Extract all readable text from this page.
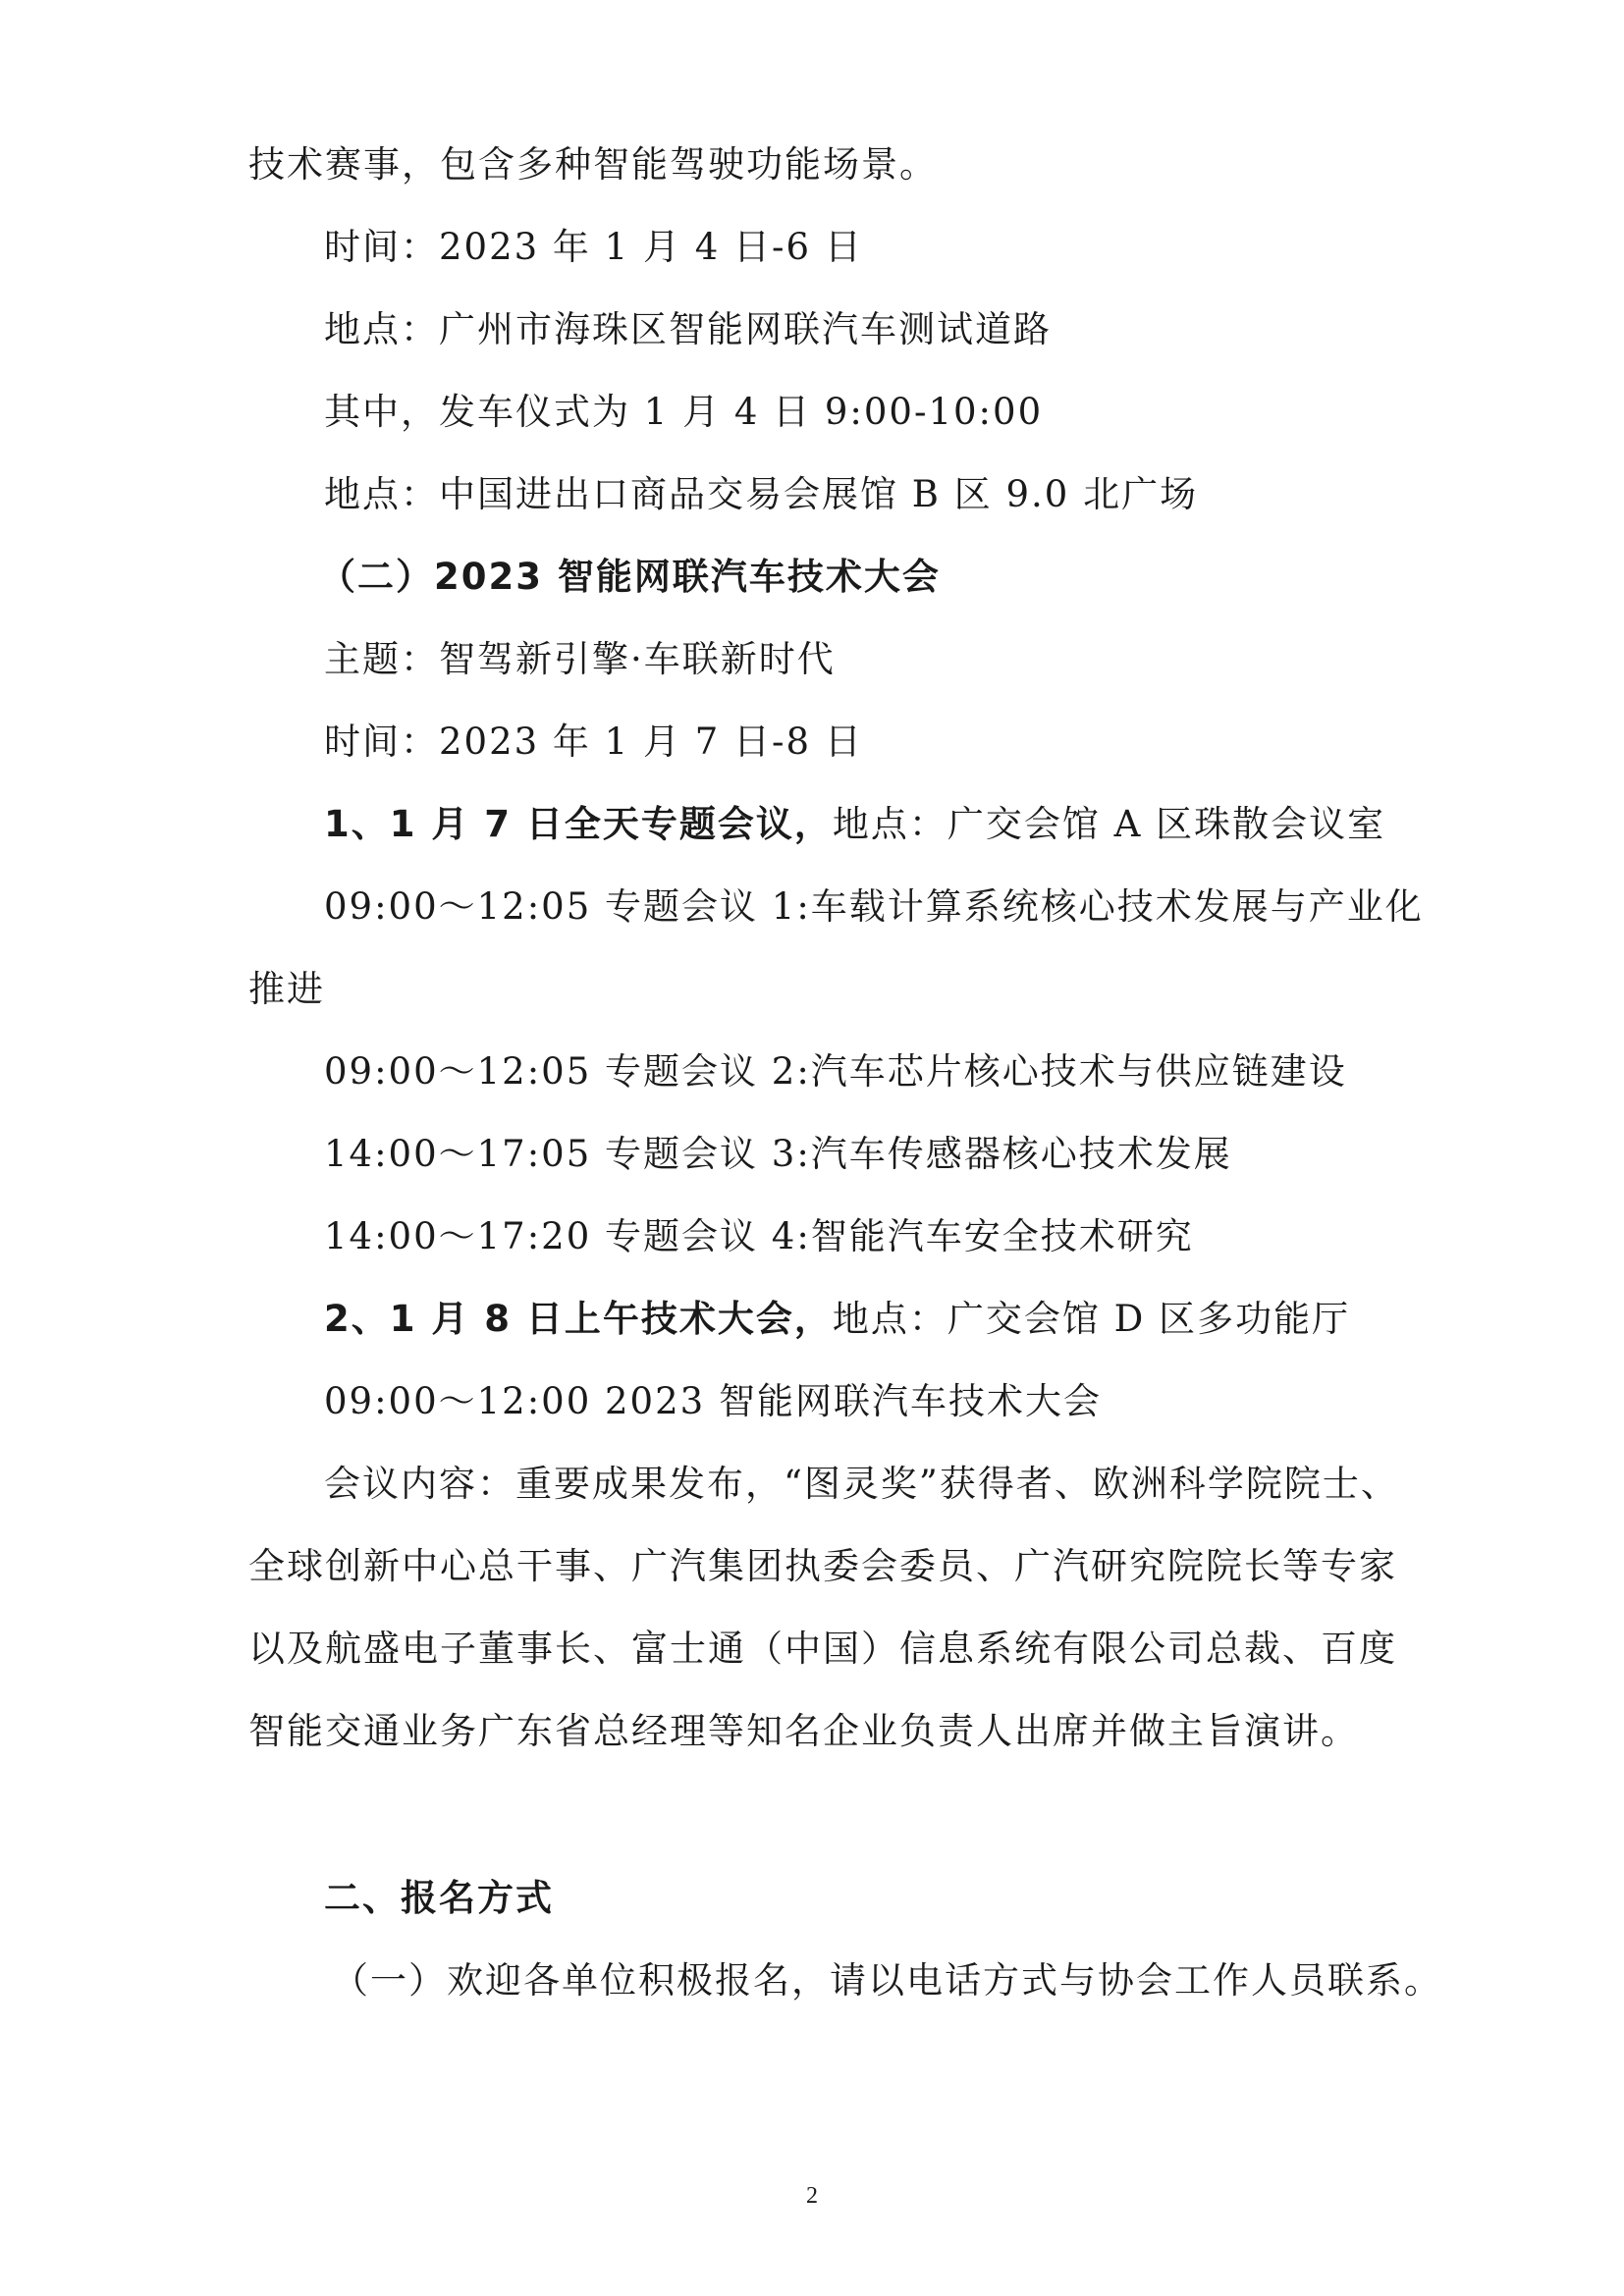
技术赛事，包含多种智能驾驶功能场景。
时间：2023 年 1 月 4 日-6 日
地点：广州市海珠区智能网联汽车测试道路
其中，发车仪式为 1 月 4 日 9:00-10:00
地点：中国进出口商品交易会展馆 B 区 9.0 北广场
（二）2023 智能网联汽车技术大会
主题：智驾新引擎·车联新时代
时间：2023 年 1 月 7 日-8 日
1、1 月 7 日全天专题会议，地点：广交会馆 A 区珠散会议室
09:00～12:05 专题会议 1:车载计算系统核心技术发展与产业化
推进
09:00～12:05 专题会议 2:汽车芯片核心技术与供应链建设
14:00～17:05 专题会议 3:汽车传感器核心技术发展
14:00～17:20 专题会议 4:智能汽车安全技术研究
2、1 月 8 日上午技术大会，地点：广交会馆 D 区多功能厅
09:00～12:00 2023 智能网联汽车技术大会
会议内容：重要成果发布，“图灵奖”获得者、欧洲科学院院士、
全球创新中心总干事、广汽集团执委会委员、广汽研究院院长等专家
以及航盛电子董事长、富士通（中国）信息系统有限公司总裁、百度
智能交通业务广东省总经理等知名企业负责人出席并做主旨演讲。
二、报名方式
（一）欢迎各单位积极报名，请以电话方式与协会工作人员联系。
2
